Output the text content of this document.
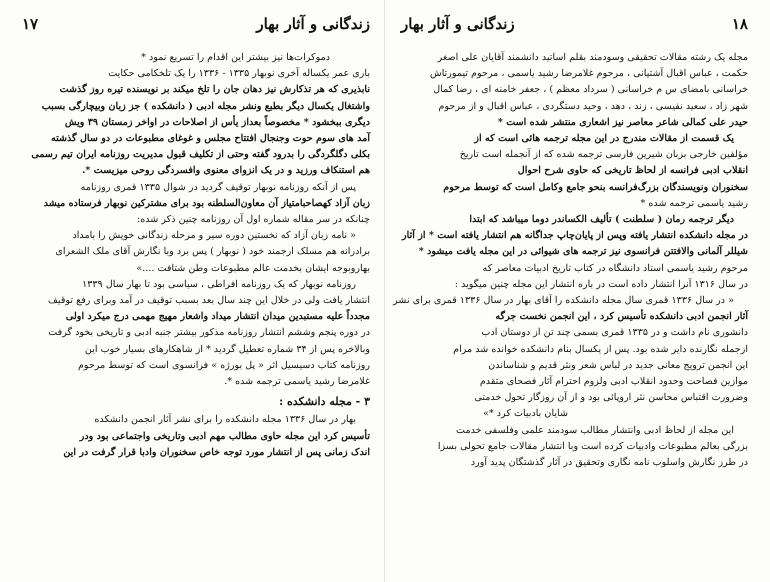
زندگانی و آثار بهار
۱۷
دموکرات‌ها نیز بیشتر این اقدام را تسریع نمود *
باری عمر یکساله آخری نوبهار ۱۳۳۵ - ۱۳۳۶ را یک تلخکامی حکایت
نابذیری که هر تذکارش نیز دهان جان را تلخ میکند بر نویسنده تیره روز گذشت
واشتغال یکسال دیگر بطبع ونشر مجله ادبی ( دانشکده ) جز زبان وبیچارگی بسبب
دیگری ببخشود * مخصوصاً بعداز یأس از اصلاحات در اواخر زمستان ۳۹ ویش
آمد های سوم حوت وجنجال افتتاح مجلس و غوغای مطبوعات در دو سال گذشته
بکلی دگلگردگی را بدرود گفته وحتی از تکلیف قبول مدیریت روزنامه ایران تیم رسمی
هم استنکاف ورزید و در یک انزوای معنوی وافسردگی روحی میزیست *.
پس از آنکه روزنامه نوبهار توقیف گردید در شوال ۱۳۳۵ قمری روزنامه
زبان آزاد کهصاحبامتیاز آن معاون‌السلطنه بود برای مشترکین نوبهار فرستاده میشد
چنانکه در سر مقاله شماره اول آن روزنامه چنین ذکر شده:
« نامه زبان آزاد که نخستین دوره سیر و مرحله زندگانی خویش را بامداد
برادرانه هم مسلک ارجمند خود ( نوبهار ) پس برد وبا نگارش آقای ملک الشعرای
بهاروبوجه ایشان بخدمت عالم مطبوعات وطن شتافت ....»
روزنامه نوبهار که یک روزنامه افراطی ، سیاسی بود تا بهار سال ۱۳۳۹
انتشار یافت ولی در خلال این چند سال بعد بسبب توقیف در آمد وبرای رفع توقیف
مجدداً علیه مستبدین میدان انتشار میداد واشعار مهیج مهمی درج میکرد اولی
در دوره پنجم وششم انتشار روزنامه مذکور بیشتر جنبه ادبی و تاریخی بخود گرفت
وبالاخره پس از ۳۴ شماره تعطیل گردید * از شاهکارهای بسیار خوب این
روزنامه کتاب دسیسیل اثر « پل بورژه » فرانسوی است که توسط مرحوم
غلامرضا رشید یاسمی ترجمه شده *.
۳ - مجله دانشکده :
بهار در سال ۱۳۳۶ مجله دانشکده را برای نشر آثار انجمن دانشکده
تأسیس کرد این مجله حاوی مطالب مهم ادبی وتاریخی واجتماعی بود ودر
اندک زمانی پس از انتشار مورد توجه خاص سخنوران وادبا قرار گرفت در این
۱۸
زندگانی و آثار بهار
مجله یک رشته مقالات تحقیقی وسودمند بقلم اساتید دانشمند آقایان علی اصغر
حکمت ، عباس اقبال آشتیانی ، مرحوم غلامرضا رشید یاسمی ، مرحوم تیمورتاش
خراسانی بامضای س م خراسانی ( سرداد معظم ) ، جعفر خامنه ای ، رضا کمال
شهر زاد ، سعید نفیسی ، زند ، دهد ، وحید دستگردی ، عباس اقبال و از مرحوم
حیدر علی کمالی شاعر معاصر نیز اشعاری منتشر شده است *
یک قسمت از مقالات مندرج در این مجله ترجمه هائی است که از
مؤلفین خارجی بزبان شیرین فارسی ترجمه شده که از آنجمله است تاریخ
انقلاب ادبی فرانسه از لحاظ تاریخی که حاوی شرح احوال
سخنوران ونویسندگان بزرگ‌فرانسه بنحو جامع وکامل است که توسط مرحوم
رشید یاسمی ترجمه شده *
دیگر ترجمه رمان ( سلطنت ) تألیف الکساندر دوما میباشد که ابتدا
در مجله دانشکده انتشار یافته وپس از پایان‌چاپ جداگانه هم انتشار یافته است * از آثار
شیللر آلمانی والافتتن فرانسوی نیز ترجمه های شیوائی در این مجله یافت میشود *
مرحوم رشید یاسمی استاد دانشگاه در کتاب تاریخ ادبیات معاصر که
در سال ۱۳۱۶ آنرا انتشار داده است در باره انتشار این مجله چنین میگوید :
« در سال ۱۳۳۶ قمری سال مجله دانشکده را آقای بهار در سال ۱۳۳۶ قمری برای نشر
آثار انجمن ادبی دانشکده تأسیس کرد ، این انجمن نخست جرگه
دانشوری نام داشت و در ۱۳۳۵ قمری بسمی چند تن از دوستان ادب
ازجمله نگارنده دایر شده بود. پس از یکسال بنام دانشکده خوانده شد مرام
این انجمن ترویج معانی جدید در لباس شعر ونثر قدیم و شناساندن
موازین فصاحت وحدود انقلاب ادبی ولزوم احترام آثار فصحای متقدم
وضرورت اقتباس محاسن نثر اروپائی بود و از آن روزگار تحول خدمتی
شایان بادبیات کرد *»
این مجله از لحاظ ادبی وانتشار مطالب سودمند علمی وفلسفی خدمت
بزرگی بعالم مطبوعات وادبیات کرده است وبا انتشار مقالات جامع تحولی بسزا
در طرز نگارش واسلوب نامه نگاری وتحقیق در آثار گذشتگان پدید آورد
